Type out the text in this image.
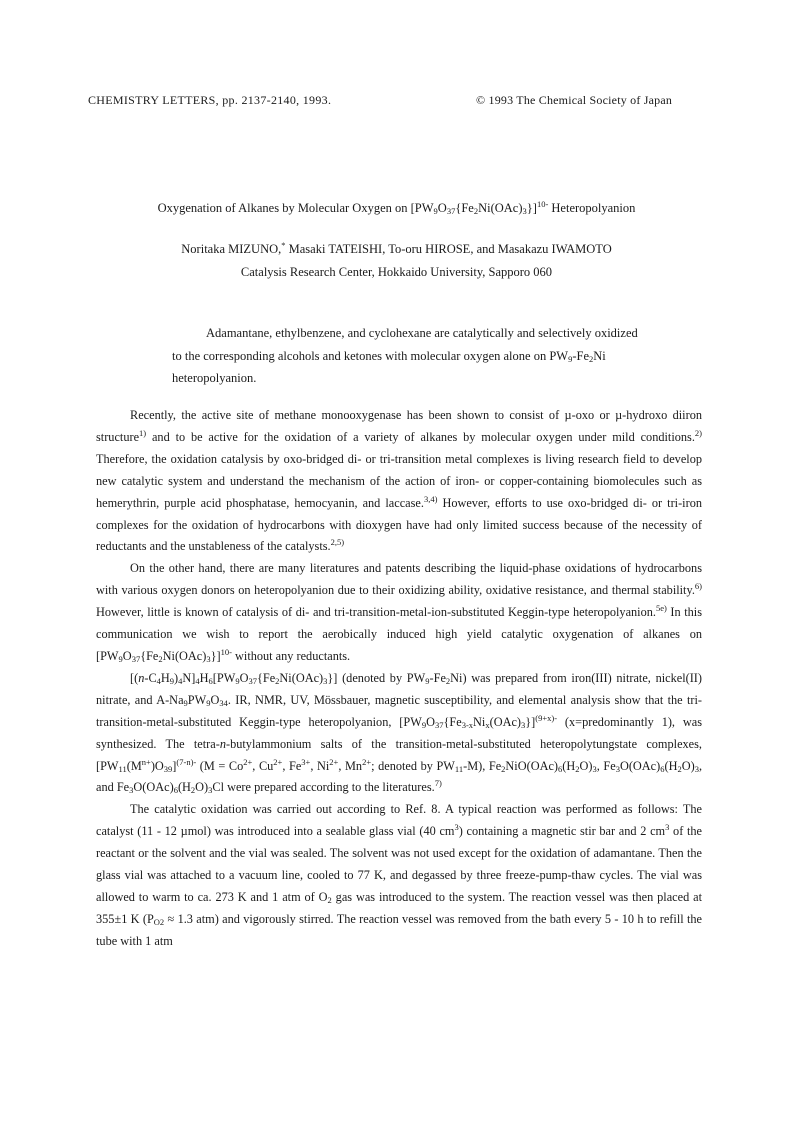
CHEMISTRY LETTERS, pp. 2137-2140, 1993.	© 1993 The Chemical Society of Japan
Oxygenation of Alkanes by Molecular Oxygen on $[PW_9O_{37}\{Fe_2Ni(OAc)_3\}]^{10-}$ Heteropolyanion
Noritaka MIZUNO,* Masaki TATEISHI, To-oru HIROSE, and Masakazu IWAMOTO
Catalysis Research Center, Hokkaido University, Sapporo 060
Adamantane, ethylbenzene, and cyclohexane are catalytically and selectively oxidized to the corresponding alcohols and ketones with molecular oxygen alone on $PW_9-Fe_2Ni$ heteropolyanion.

Recently, the active site of methane monooxygenase has been shown to consist of µ-oxo or µ-hydroxo diiron structure$^{1)}$ and to be active for the oxidation of a variety of alkanes by molecular oxygen under mild conditions.$^{2)}$ Therefore, the oxidation catalysis by oxo-bridged di- or tri-transition metal complexes is living research field to develop new catalytic system and understand the mechanism of the action of iron- or copper-containing biomolecules such as hemerythrin, purple acid phosphatase, hemocyanin, and laccase.$^{3,4)}$ However, efforts to use oxo-bridged di- or tri-iron complexes for the oxidation of hydrocarbons with dioxygen have had only limited success because of the necessity of reductants and the unstableness of the catalysts.$^{2,5)}$

On the other hand, there are many literatures and patents describing the liquid-phase oxidations of hydrocarbons with various oxygen donors on heteropolyanion due to their oxidizing ability, oxidative resistance, and thermal stability.$^{6)}$ However, little is known of catalysis of di- and tri-transition-metal-ion-substituted Keggin-type heteropolyanion.$^{5e)}$ In this communication we wish to report the aerobically induced high yield catalytic oxygenation of alkanes on $[PW_9O_{37}\{Fe_2Ni(OAc)_3\}]^{10-}$ without any reductants.

$[(n-C_4H_9)_4N]_4H_6[PW_9O_{37}\{Fe_2Ni(OAc)_3\}]$ (denoted by $PW_9-Fe_2Ni$) was prepared from iron(III) nitrate, nickel(II) nitrate, and $A-Na_9PW_9O_{34}$. IR, NMR, UV, Mössbauer, magnetic susceptibility, and elemental analysis show that the tri-transition-metal-substituted Keggin-type heteropolyanion, $[PW_9O_{37}\{Fe_{3-x}Ni_x(OAc)_3\}]^{(9+x)-}$ (x=predominantly 1), was synthesized. The tetra-n-butylammonium salts of the transition-metal-substituted heteropolytungstate complexes, $[PW_{11}(M^{n+})O_{39}]^{(7-n)-}$ ($M = Co^{2+}$, $Cu^{2+}$, $Fe^{3+}$, $Ni^{2+}$, $Mn^{2+}$; denoted by $PW_{11}-M$), $Fe_2NiO(OAc)_6(H_2O)_3$, $Fe_3O(OAc)_6(H_2O)_3$, and $Fe_3O(OAc)_6(H_2O)_3Cl$ were prepared according to the literatures.$^{7)}$

The catalytic oxidation was carried out according to Ref. 8. A typical reaction was performed as follows: The catalyst (11 - 12 µmol) was introduced into a sealable glass vial (40 $cm^3$) containing a magnetic stir bar and 2 $cm^3$ of the reactant or the solvent and the vial was sealed. The solvent was not used except for the oxidation of adamantane. Then the glass vial was attached to a vacuum line, cooled to 77 K, and degassed by three freeze-pump-thaw cycles. The vial was allowed to warm to ca. 273 K and 1 atm of $O_2$ gas was introduced to the system. The reaction vessel was then placed at 355±1 K ($P_{O2} \approx 1.3$ atm) and vigorously stirred. The reaction vessel was removed from the bath every 5 - 10 h to refill the tube with 1 atm
